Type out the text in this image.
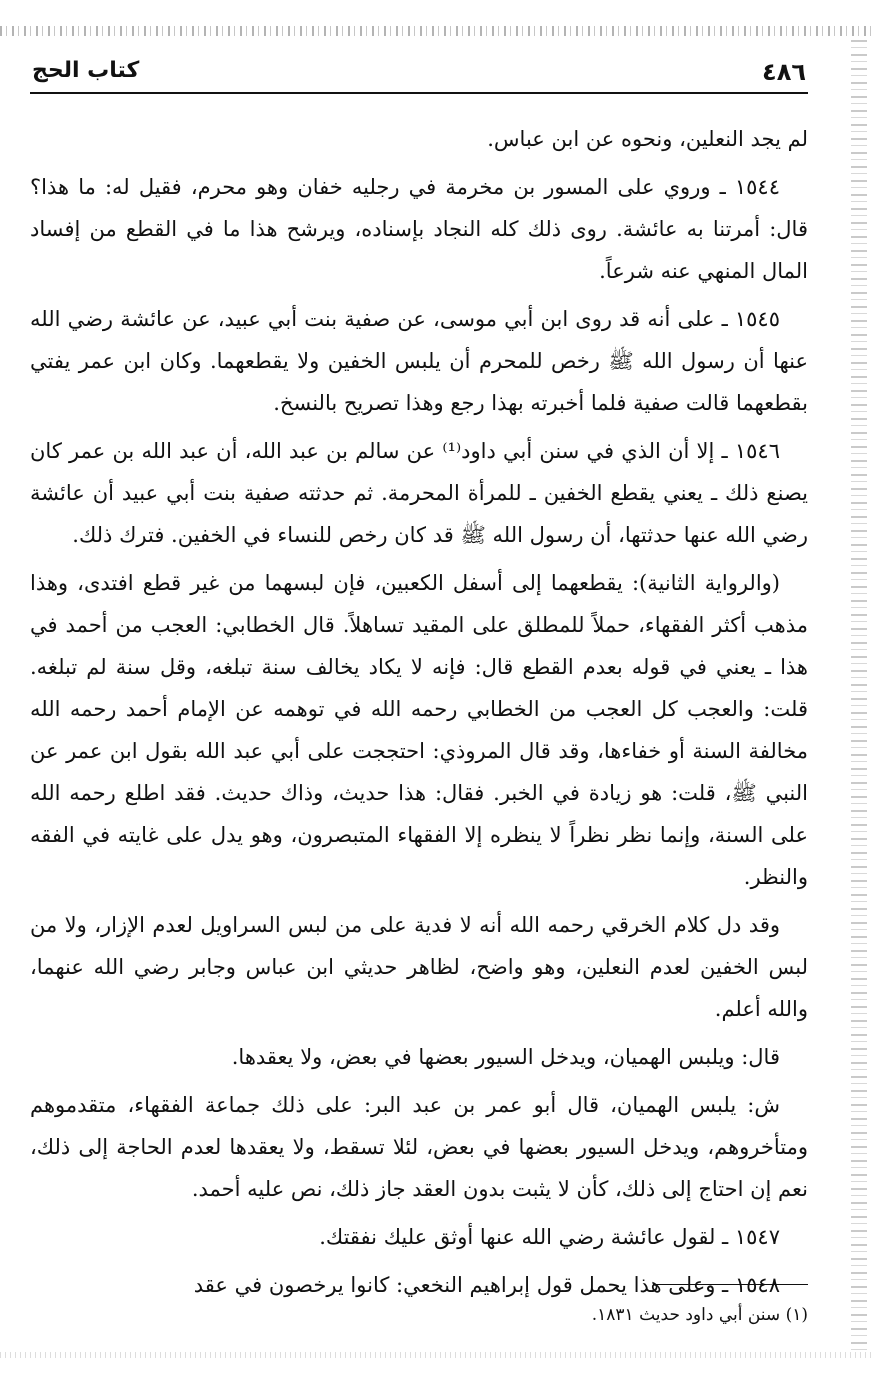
٤٨٦
كتاب الحج

لم يجد النعلين، ونحوه عن ابن عباس.

١٥٤٤ ـ وروي على المسور بن مخرمة في رجليه خفان وهو محرم، فقيل له: ما هذا؟ قال: أمرتنا به عائشة. روى ذلك كله النجاد بإسناده، ويرشح هذا ما في القطع من إفساد المال المنهي عنه شرعاً.

١٥٤٥ ـ على أنه قد روى ابن أبي موسى، عن صفية بنت أبي عبيد، عن عائشة رضي الله عنها أن رسول الله ﷺ رخص للمحرم أن يلبس الخفين ولا يقطعهما. وكان ابن عمر يفتي بقطعهما قالت صفية فلما أخبرته بهذا رجع وهذا تصريح بالنسخ.

١٥٤٦ ـ إلا أن الذي في سنن أبي داود⁽¹⁾ عن سالم بن عبد الله، أن عبد الله بن عمر كان يصنع ذلك ـ يعني يقطع الخفين ـ للمرأة المحرمة. ثم حدثته صفية بنت أبي عبيد أن عائشة رضي الله عنها حدثتها، أن رسول الله ﷺ قد كان رخص للنساء في الخفين. فترك ذلك.

(والرواية الثانية): يقطعهما إلى أسفل الكعبين، فإن لبسهما من غير قطع افتدى، وهذا مذهب أكثر الفقهاء، حملاً للمطلق على المقيد تساهلاً. قال الخطابي: العجب من أحمد في هذا ـ يعني في قوله بعدم القطع قال: فإنه لا يكاد يخالف سنة تبلغه، وقل سنة لم تبلغه. قلت: والعجب كل العجب من الخطابي رحمه الله في توهمه عن الإمام أحمد رحمه الله مخالفة السنة أو خفاءها، وقد قال المروذي: احتججت على أبي عبد الله بقول ابن عمر عن النبي ﷺ، قلت: هو زيادة في الخبر. فقال: هذا حديث، وذاك حديث. فقد اطلع رحمه الله على السنة، وإنما نظر نظراً لا ينظره إلا الفقهاء المتبصرون، وهو يدل على غايته في الفقه والنظر.

وقد دل كلام الخرقي رحمه الله أنه لا فدية على من لبس السراويل لعدم الإزار، ولا من لبس الخفين لعدم النعلين، وهو واضح، لظاهر حديثي ابن عباس وجابر رضي الله عنهما، والله أعلم.

قال: ويلبس الهميان، ويدخل السيور بعضها في بعض، ولا يعقدها.

ش: يلبس الهميان، قال أبو عمر بن عبد البر: على ذلك جماعة الفقهاء، متقدموهم ومتأخروهم، ويدخل السيور بعضها في بعض، لئلا تسقط، ولا يعقدها لعدم الحاجة إلى ذلك، نعم إن احتاج إلى ذلك، كأن لا يثبت بدون العقد جاز ذلك، نص عليه أحمد.

١٥٤٧ ـ لقول عائشة رضي الله عنها أوثق عليك نفقتك.

١٥٤٨ ـ وعلى هذا يحمل قول إبراهيم النخعي: كانوا يرخصون في عقد

(١) سنن أبي داود حديث ١٨٣١.
